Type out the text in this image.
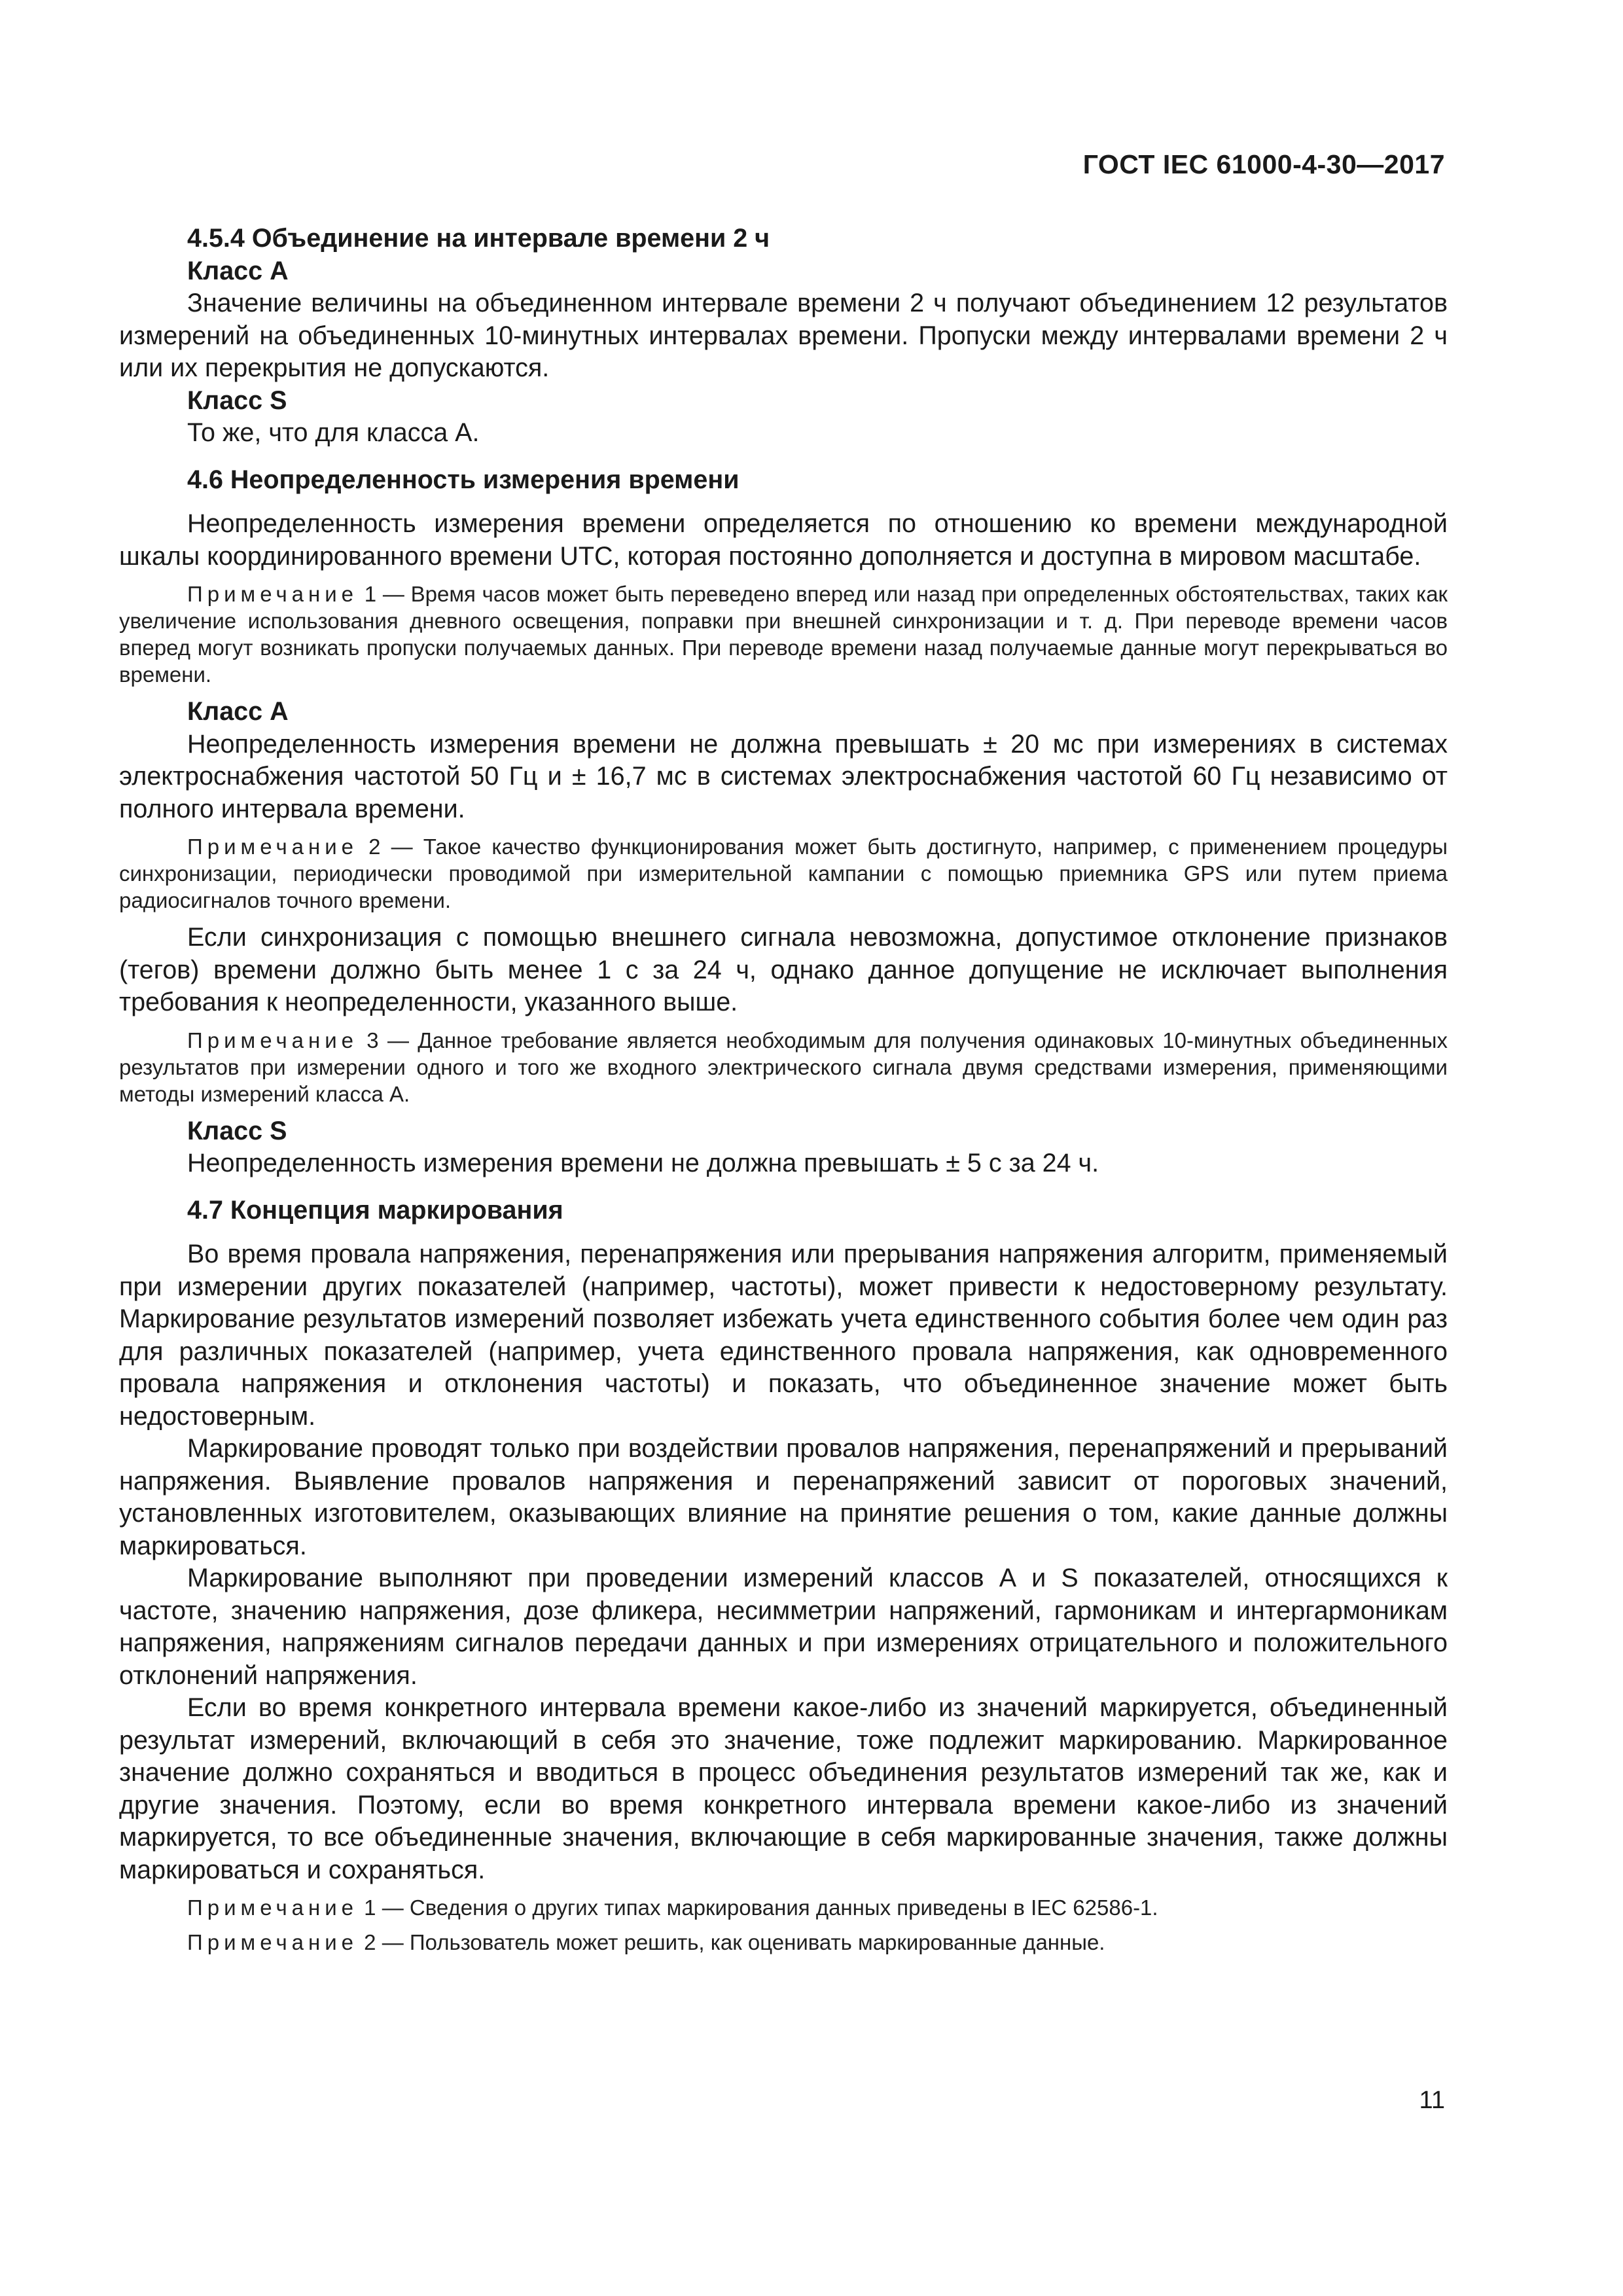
ГОСТ IEC 61000-4-30—2017

4.5.4 Объединение на интервале времени 2 ч

Класс A

Значение величины на объединенном интервале времени 2 ч получают объединением 12 результатов измерений на объединенных 10-минутных интервалах времени. Пропуски между интервалами времени 2 ч или их перекрытия не допускаются.

Класс S

То же, что для класса А.

4.6 Неопределенность измерения времени

Неопределенность измерения времени определяется по отношению ко времени международной шкалы координированного времени UTC, которая постоянно дополняется и доступна в мировом масштабе.

Примечание 1 — Время часов может быть переведено вперед или назад при определенных обстоятельствах, таких как увеличение использования дневного освещения, поправки при внешней синхронизации и т. д. При переводе времени часов вперед могут возникать пропуски получаемых данных. При переводе времени назад получаемые данные могут перекрываться во времени.

Класс А

Неопределенность измерения времени не должна превышать ± 20 мс при измерениях в системах электроснабжения частотой 50 Гц и ± 16,7 мс в системах электроснабжения частотой 60 Гц независимо от полного интервала времени.

Примечание 2 — Такое качество функционирования может быть достигнуто, например, с применением процедуры синхронизации, периодически проводимой при измерительной кампании с помощью приемника GPS или путем приема радиосигналов точного времени.

Если синхронизация с помощью внешнего сигнала невозможна, допустимое отклонение признаков (тегов) времени должно быть менее 1 с за 24 ч, однако данное допущение не исключает выполнения требования к неопределенности, указанного выше.

Примечание 3 — Данное требование является необходимым для получения одинаковых 10-минутных объединенных результатов при измерении одного и того же входного электрического сигнала двумя средствами измерения, применяющими методы измерений класса А.

Класс S

Неопределенность измерения времени не должна превышать ± 5 с за 24 ч.

4.7 Концепция маркирования

Во время провала напряжения, перенапряжения или прерывания напряжения алгоритм, применяемый при измерении других показателей (например, частоты), может привести к недостоверному результату. Маркирование результатов измерений позволяет избежать учета единственного события более чем один раз для различных показателей (например, учета единственного провала напряжения, как одновременного провала напряжения и отклонения частоты) и показать, что объединенное значение может быть недостоверным.

Маркирование проводят только при воздействии провалов напряжения, перенапряжений и прерываний напряжения. Выявление провалов напряжения и перенапряжений зависит от пороговых значений, установленных изготовителем, оказывающих влияние на принятие решения о том, какие данные должны маркироваться.

Маркирование выполняют при проведении измерений классов А и S показателей, относящихся к частоте, значению напряжения, дозе фликера, несимметрии напряжений, гармоникам и интергармоникам напряжения, напряжениям сигналов передачи данных и при измерениях отрицательного и положительного отклонений напряжения.

Если во время конкретного интервала времени какое-либо из значений маркируется, объединенный результат измерений, включающий в себя это значение, тоже подлежит маркированию. Маркированное значение должно сохраняться и вводиться в процесс объединения результатов измерений так же, как и другие значения. Поэтому, если во время конкретного интервала времени какое-либо из значений маркируется, то все объединенные значения, включающие в себя маркированные значения, также должны маркироваться и сохраняться.

Примечание 1 — Сведения о других типах маркирования данных приведены в IEC 62586-1.

Примечание 2 — Пользователь может решить, как оценивать маркированные данные.

11
